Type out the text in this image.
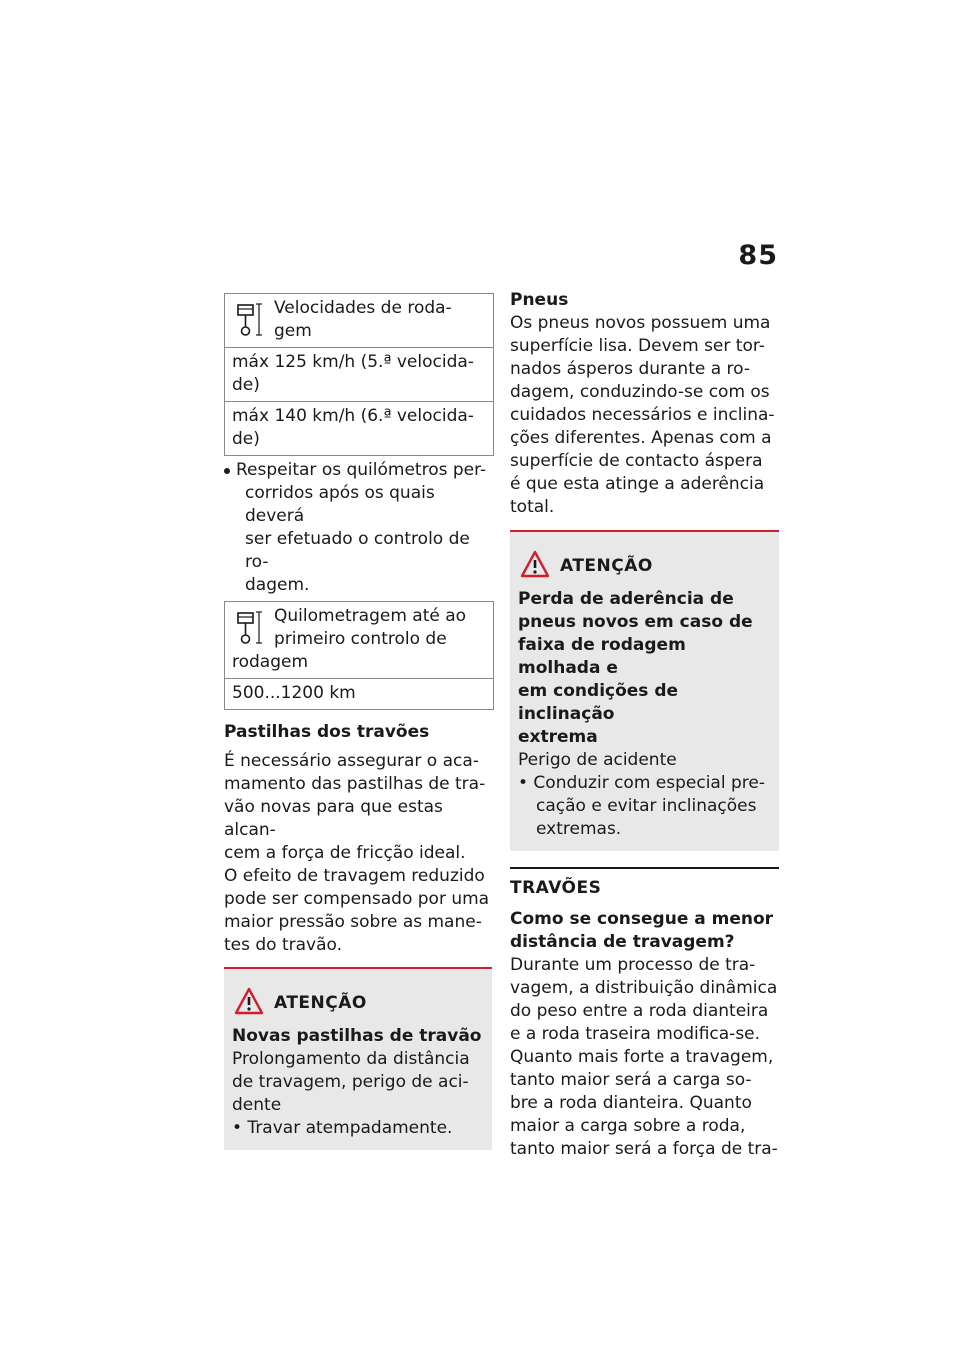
85
Velocidades de roda-
gem
máx 125 km/h (5.ª velocida-
de)
máx 140 km/h (6.ª velocida-
de)
Respeitar os quilómetros per-
corridos após os quais deverá
ser efetuado o controlo de ro-
dagem.
Quilometragem até ao
primeiro controlo de
rodagem
500...1200 km
Pastilhas dos travões
É necessário assegurar o aca-
mamento das pastilhas de tra-
vão novas para que estas alcan-
cem a força de fricção ideal.
O efeito de travagem reduzido
pode ser compensado por uma
maior pressão sobre as mane-
tes do travão.
ATENÇÃO
Novas pastilhas de travão
Prolongamento da distância
de travagem, perigo de aci-
dente
• Travar atempadamente.
Pneus
Os pneus novos possuem uma
superfície lisa. Devem ser tor-
nados ásperos durante a ro-
dagem, conduzindo-se com os
cuidados necessários e inclina-
ções diferentes. Apenas com a
superfície de contacto áspera
é que esta atinge a aderência
total.
ATENÇÃO
Perda de aderência de
pneus novos em caso de
faixa de rodagem molhada e
em condições de inclinação
extrema
Perigo de acidente
• Conduzir com especial pre-
cação e evitar inclinações
extremas.
TRAVÕES
Como se consegue a menor
distância de travagem?
Durante um processo de tra-
vagem, a distribuição dinâmica
do peso entre a roda dianteira
e a roda traseira modifica-se.
Quanto mais forte a travagem,
tanto maior será a carga so-
bre a roda dianteira. Quanto
maior a carga sobre a roda,
tanto maior será a força de tra-
